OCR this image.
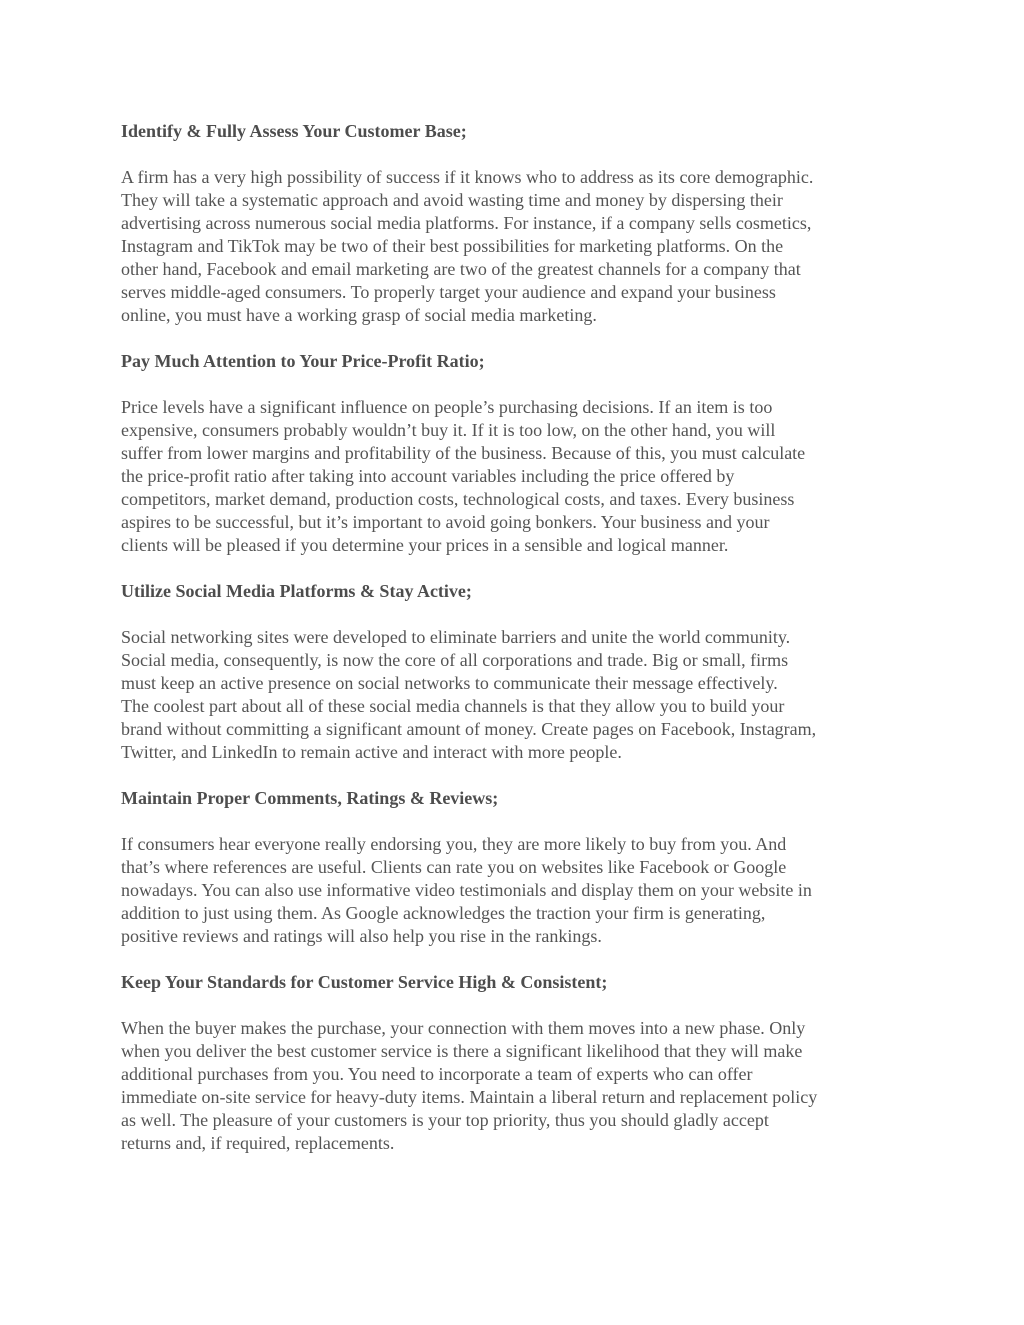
Identify & Fully Assess Your Customer Base;

A firm has a very high possibility of success if it knows who to address as its core demographic.
They will take a systematic approach and avoid wasting time and money by dispersing their
advertising across numerous social media platforms. For instance, if a company sells cosmetics,
Instagram and TikTok may be two of their best possibilities for marketing platforms. On the
other hand, Facebook and email marketing are two of the greatest channels for a company that
serves middle-aged consumers. To properly target your audience and expand your business
online, you must have a working grasp of social media marketing.

Pay Much Attention to Your Price-Profit Ratio;

Price levels have a significant influence on people’s purchasing decisions. If an item is too
expensive, consumers probably wouldn’t buy it. If it is too low, on the other hand, you will
suffer from lower margins and profitability of the business. Because of this, you must calculate
the price-profit ratio after taking into account variables including the price offered by
competitors, market demand, production costs, technological costs, and taxes. Every business
aspires to be successful, but it’s important to avoid going bonkers. Your business and your
clients will be pleased if you determine your prices in a sensible and logical manner.

Utilize Social Media Platforms & Stay Active;

Social networking sites were developed to eliminate barriers and unite the world community.
Social media, consequently, is now the core of all corporations and trade. Big or small, firms
must keep an active presence on social networks to communicate their message effectively.
The coolest part about all of these social media channels is that they allow you to build your
brand without committing a significant amount of money. Create pages on Facebook, Instagram,
Twitter, and LinkedIn to remain active and interact with more people.

Maintain Proper Comments, Ratings & Reviews;

If consumers hear everyone really endorsing you, they are more likely to buy from you. And
that’s where references are useful. Clients can rate you on websites like Facebook or Google
nowadays. You can also use informative video testimonials and display them on your website in
addition to just using them. As Google acknowledges the traction your firm is generating,
positive reviews and ratings will also help you rise in the rankings.

Keep Your Standards for Customer Service High & Consistent;

When the buyer makes the purchase, your connection with them moves into a new phase. Only
when you deliver the best customer service is there a significant likelihood that they will make
additional purchases from you. You need to incorporate a team of experts who can offer
immediate on-site service for heavy-duty items. Maintain a liberal return and replacement policy
as well. The pleasure of your customers is your top priority, thus you should gladly accept
returns and, if required, replacements.
